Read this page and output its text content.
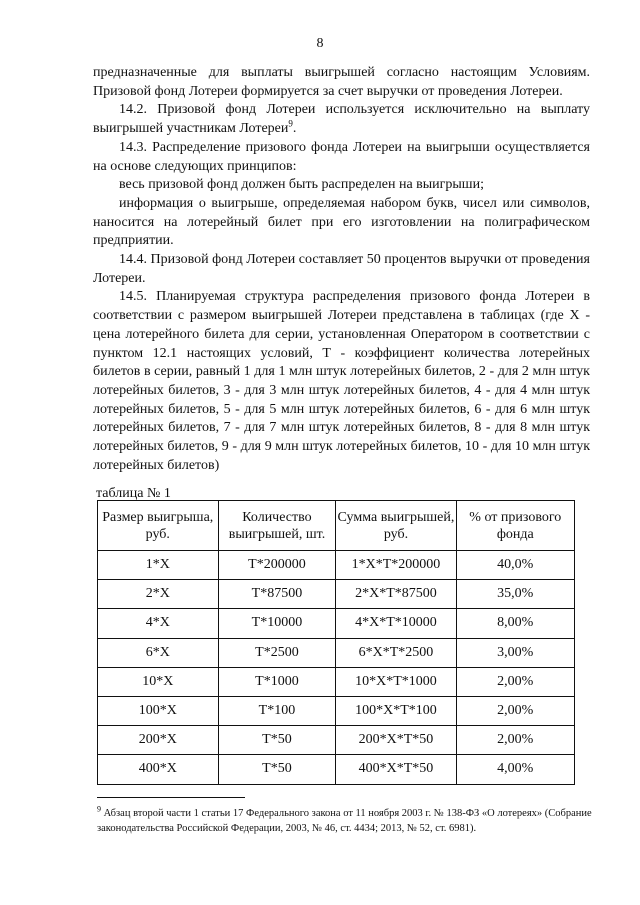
8

предназначенные для выплаты выигрышей согласно настоящим Условиям. Призовой фонд Лотереи формируется за счет выручки от проведения Лотереи.

14.2. Призовой фонд Лотереи используется исключительно на выплату выигрышей участникам Лотереи$^9$.

14.3. Распределение призового фонда Лотереи на выигрыши осуществляется на основе следующих принципов:

весь призовой фонд должен быть распределен на выигрыши;

информация о выигрыше, определяемая набором букв, чисел или символов, наносится на лотерейный билет при его изготовлении на полиграфическом предприятии.

14.4. Призовой фонд Лотереи составляет 50 процентов выручки от проведения Лотереи.

14.5. Планируемая структура распределения призового фонда Лотереи в соответствии с размером выигрышей Лотереи представлена в таблицах (где Х - цена лотерейного билета для серии, установленная Оператором в соответствии с пунктом 12.1 настоящих условий, Т - коэффициент количества лотерейных билетов в серии, равный 1 для 1 млн штук лотерейных билетов, 2 - для 2 млн штук лотерейных билетов, 3 - для 3 млн штук лотерейных билетов, 4 - для 4 млн штук лотерейных билетов, 5 - для 5 млн штук лотерейных билетов, 6 - для 6 млн штук лотерейных билетов, 7 - для 7 млн штук лотерейных билетов, 8 - для 8 млн штук лотерейных билетов, 9 - для 9 млн штук лотерейных билетов, 10 - для 10 млн штук лотерейных билетов)

таблица № 1
Размер выигрыша, руб.	Количество выигрышей, шт.	Сумма выигрышей, руб.	% от призового фонда
1*Х	Т*200000	1*Х*Т*200000	40,0%
2*Х	Т*87500	2*Х*Т*87500	35,0%
4*Х	Т*10000	4*Х*Т*10000	8,00%
6*Х	Т*2500	6*Х*Т*2500	3,00%
10*Х	Т*1000	10*Х*Т*1000	2,00%
100*Х	Т*100	100*Х*Т*100	2,00%
200*Х	Т*50	200*Х*Т*50	2,00%
400*Х	Т*50	400*Х*Т*50	4,00%
$^9$ Абзац второй части 1 статьи 17 Федерального закона от 11 ноября 2003 г. № 138-ФЗ «О лотереях» (Собрание законодательства Российской Федерации, 2003, № 46, ст. 4434; 2013, № 52, ст. 6981).
